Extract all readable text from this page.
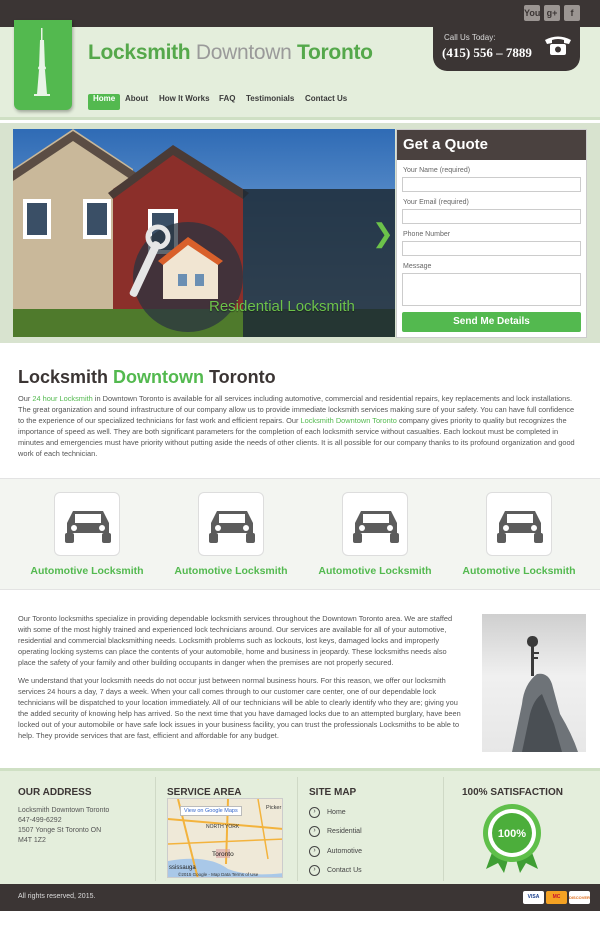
You g+	f
Locksmith Downtown Toronto
Call Us Today:
(415) 556 – 7889
Home	About How It Works FAQ Testimonials Contact Us
❯
Residential Locksmith
Get a Quote
Your Name (required)
Your Email (required)
Phone Number
Message
Send Me Details
Locksmith Downtown Toronto
Our 24 hour Locksmith in Downtown Toronto is available for all services including automotive, commercial and residential repairs, key replacements and lock installations. The great organization and sound infrastructure of our company allow us to provide immediate locksmith services making sure of your safety. You can have full confidence to the experience of our specialized technicians for fast work and efficient repairs. Our Locksmith Downtown Toronto company gives priority to quality but recognizes the importance of speed as well. They are both significant parameters for the completion of each locksmith service without casualties. Each lockout must be completed in minutes and emergencies must have priority without putting aside the needs of other clients. It is all possible for our company thanks to its profound organization and good work of each technician.
Automotive Locksmith	Automotive Locksmith	Automotive Locksmith	Automotive Locksmith

Our Toronto locksmiths specialize in providing dependable locksmith services throughout the Downtown Toronto area. We are staffed with some of the most highly trained and experienced lock technicians around. Our services are available for all of your automotive, residential and commercial blacksmithing needs. Locksmith problems such as lockouts, lost keys, damaged locks and improperly operating locking systems can place the contents of your automobile, home and business in jeopardy. These locksmiths needs also place the safety of your family and other building occupants in danger when the premises are not properly secured.

We understand that your locksmith needs do not occur just between normal business hours. For this reason, we offer our locksmith services 24 hours a day, 7 days a week. When your call comes through to our customer care center, one of our dependable lock technicians will be dispatched to your location immediately. All of our technicians will be able to clearly identify who they are; giving you the added security of knowing help has arrived. So the next time that you have damaged locks due to an attempted burglary, have been locked out of your automobile or have safe lock issues in your business facility, you can trust the professionals Locksmiths to be able to help. They provide services that are fast, efficient and affordable for any budget.

OUR ADDRESS
Locksmith Downtown Toronto
647-499-6292
1507 Yonge St Toronto ON
M4T 1Z2
SERVICE AREA
View on Google Maps	Picker
NORTH YORK
Toronto
ssissauga
©2015 Google - Map Data Terms of Use
SITE MAP
›	Home
›	Residential
›	Automotive
›	Contact Us
100% SATISFACTION
100%
All rights reserved, 2015.	VISA	MC	DISCOVER
